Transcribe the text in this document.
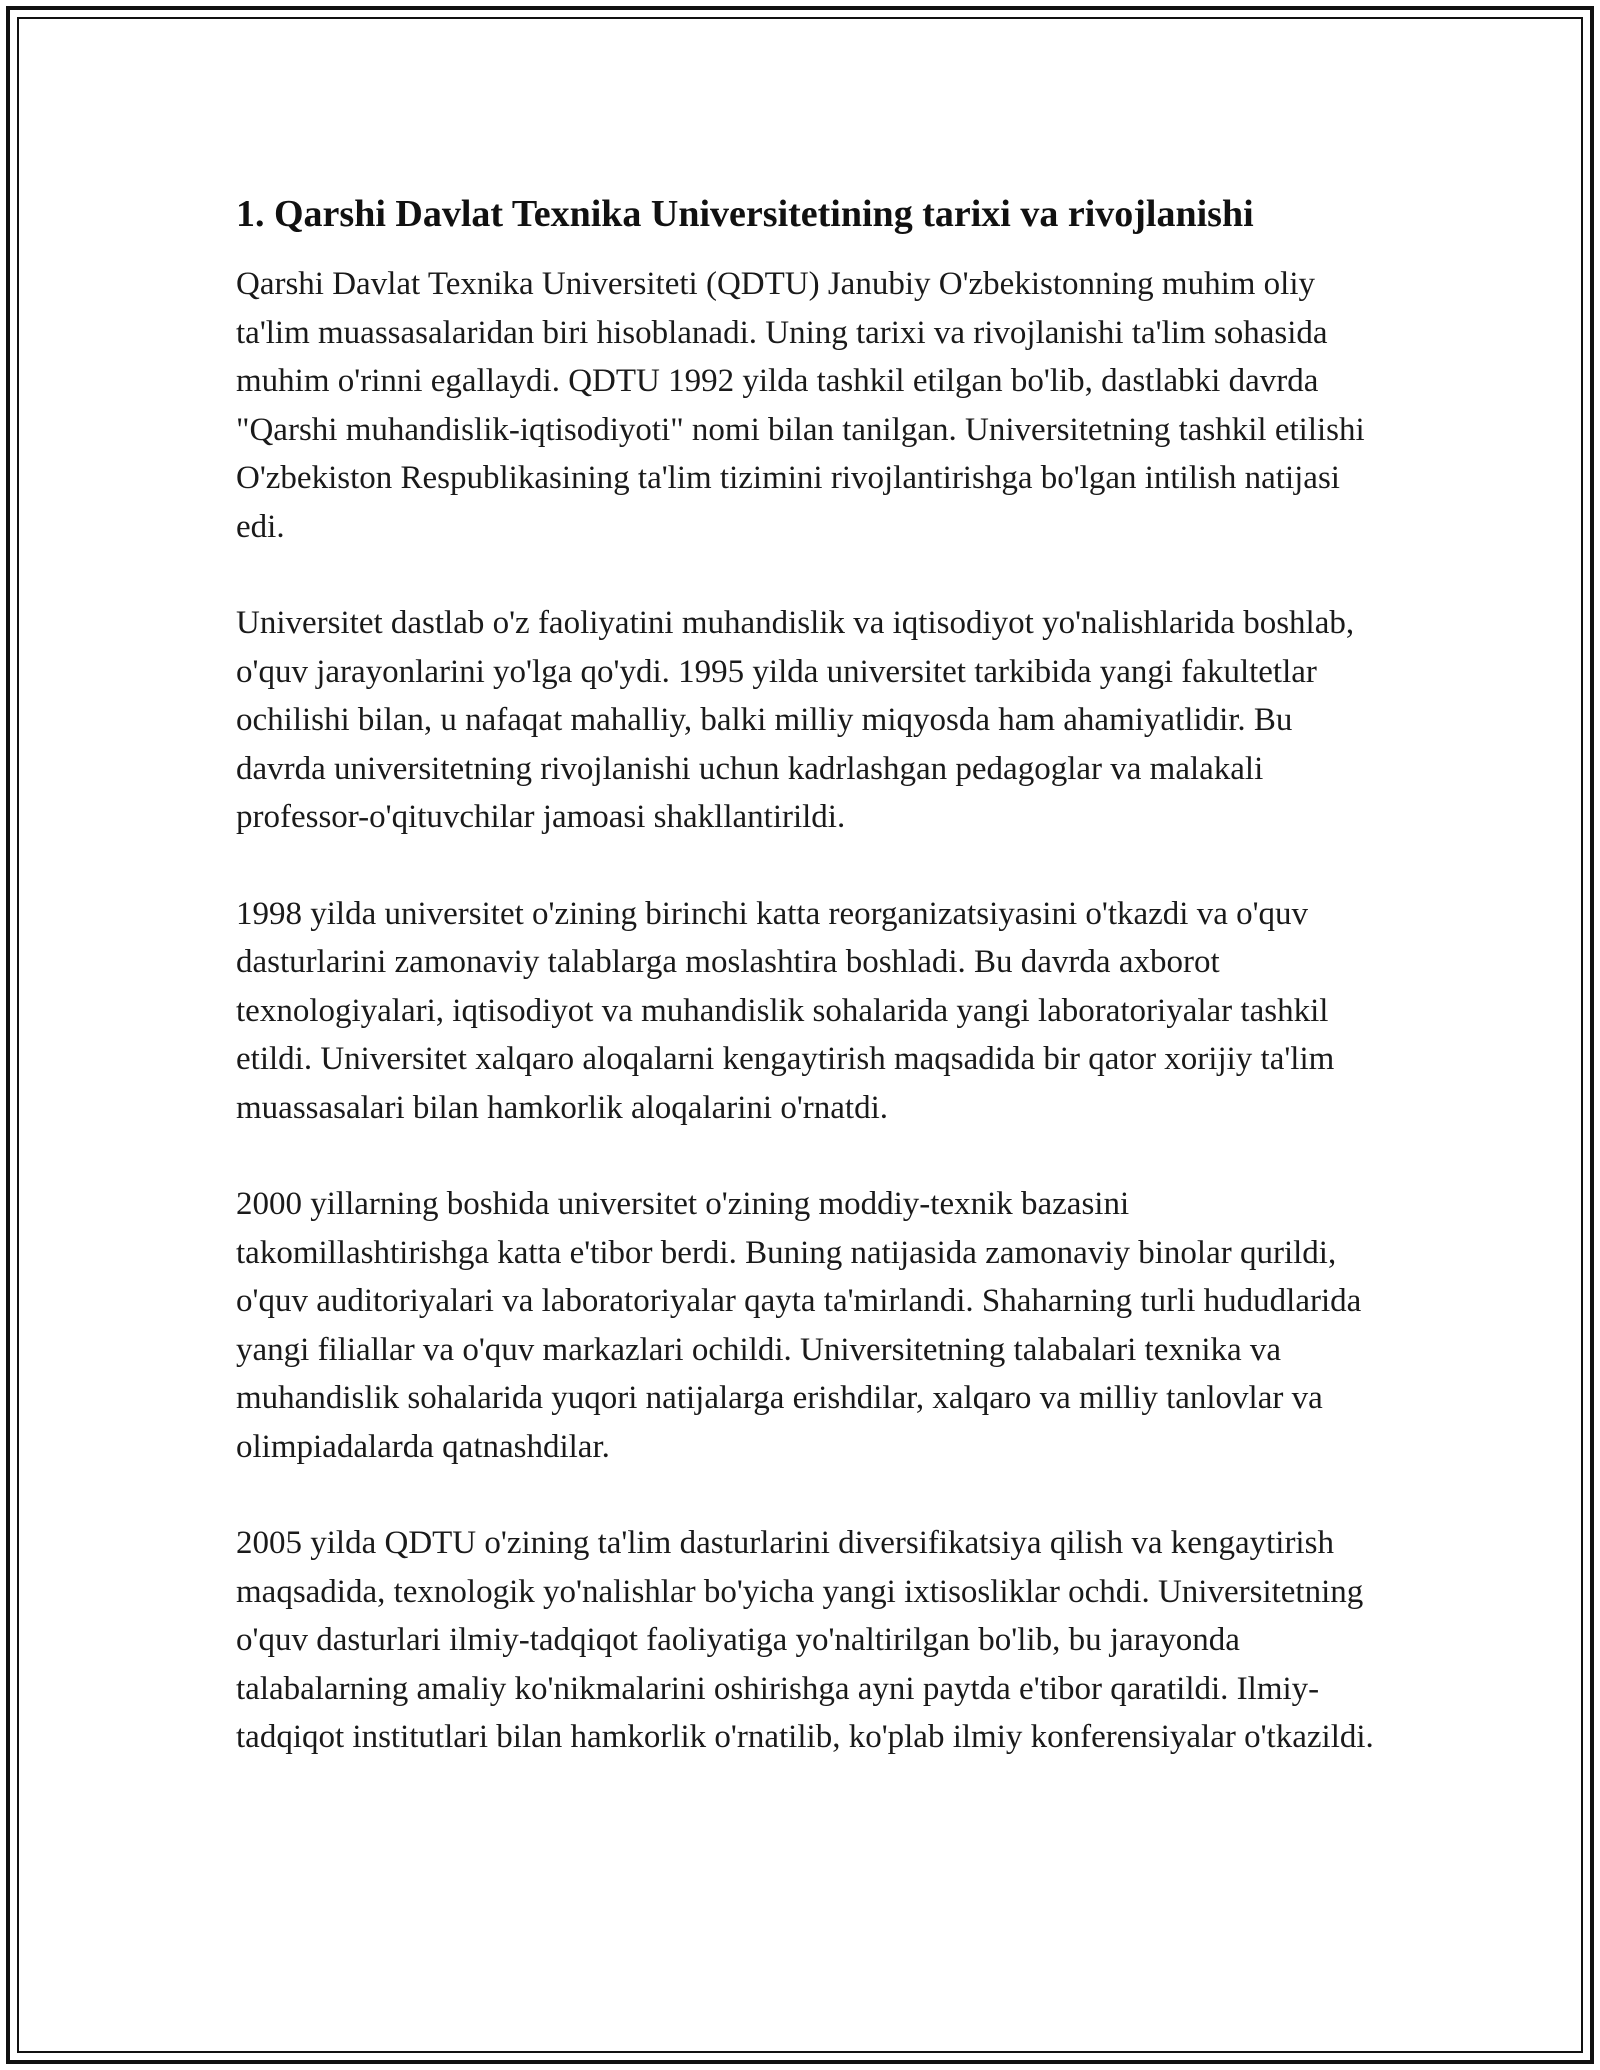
1. Qarshi Davlat Texnika Universitetining tarixi va rivojlanishi

Qarshi Davlat Texnika Universiteti (QDTU) Janubiy O'zbekistonning muhim oliy ta'lim muassasalaridan biri hisoblanadi. Uning tarixi va rivojlanishi ta'lim sohasida muhim o'rinni egallaydi. QDTU 1992 yilda tashkil etilgan bo'lib, dastlabki davrda "Qarshi muhandislik-iqtisodiyoti" nomi bilan tanilgan. Universitetning tashkil etilishi O'zbekiston Respublikasining ta'lim tizimini rivojlantirishga bo'lgan intilish natijasi edi.

Universitet dastlab o'z faoliyatini muhandislik va iqtisodiyot yo'nalishlarida boshlab, o'quv jarayonlarini yo'lga qo'ydi. 1995 yilda universitet tarkibida yangi fakultetlar ochilishi bilan, u nafaqat mahalliy, balki milliy miqyosda ham ahamiyatlidir. Bu davrda universitetning rivojlanishi uchun kadrlashgan pedagoglar va malakali professor-o'qituvchilar jamoasi shakllantirildi.

1998 yilda universitet o'zining birinchi katta reorganizatsiyasini o'tkazdi va o'quv dasturlarini zamonaviy talablarga moslashtira boshladi. Bu davrda axborot texnologiyalari, iqtisodiyot va muhandislik sohalarida yangi laboratoriyalar tashkil etildi. Universitet xalqaro aloqalarni kengaytirish maqsadida bir qator xorijiy ta'lim muassasalari bilan hamkorlik aloqalarini o'rnatdi.

2000 yillarning boshida universitet o'zining moddiy-texnik bazasini takomillashtirishga katta e'tibor berdi. Buning natijasida zamonaviy binolar qurildi, o'quv auditoriyalari va laboratoriyalar qayta ta'mirlandi. Shaharning turli hududlarida yangi filiallar va o'quv markazlari ochildi. Universitetning talabalari texnika va muhandislik sohalarida yuqori natijalarga erishdilar, xalqaro va milliy tanlovlar va olimpiadalarda qatnashdilar.

2005 yilda QDTU o'zining ta'lim dasturlarini diversifikatsiya qilish va kengaytirish maqsadida, texnologik yo'nalishlar bo'yicha yangi ixtisosliklar ochdi. Universitetning o'quv dasturlari ilmiy-tadqiqot faoliyatiga yo'naltirilgan bo'lib, bu jarayonda talabalarning amaliy ko'nikmalarini oshirishga ayni paytda e'tibor qaratildi. Ilmiy-tadqiqot institutlari bilan hamkorlik o'rnatilib, ko'plab ilmiy konferensiyalar o'tkazildi.
